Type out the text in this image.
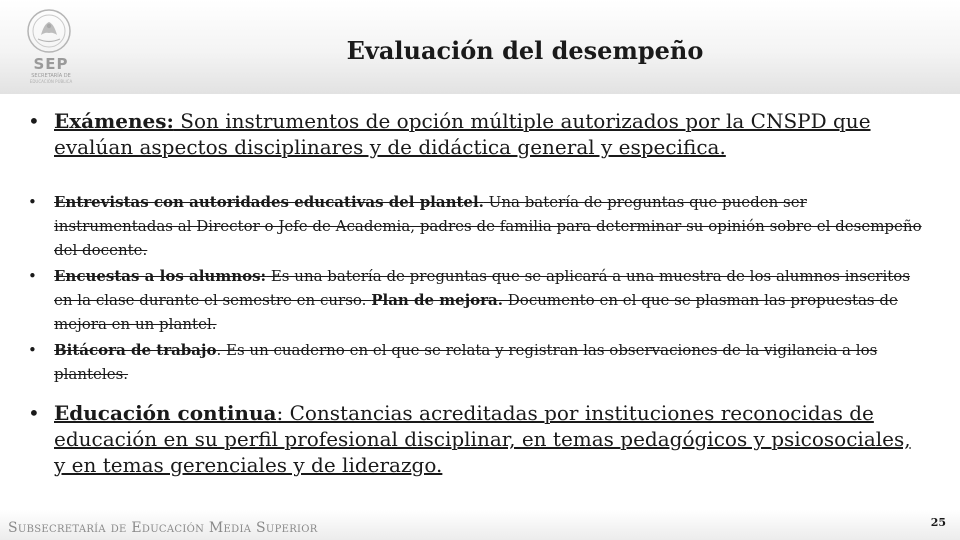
SEP
SECRETARÍA DE
EDUCACIÓN PÚBLICA
Evaluación del desempeño
• Exámenes: Son instrumentos de opción múltiple autorizados por la CNSPD que evalúan aspectos disciplinares y de didáctica general y especifica.
• Entrevistas con autoridades educativas del plantel. Una batería de preguntas que pueden ser instrumentadas al Director o Jefe de Academia, padres de familia para determinar su opinión sobre el desempeño del docente.
• Encuestas a los alumnos: Es una batería de preguntas que se aplicará a una muestra de los alumnos inscritos en la clase durante el semestre en curso. Plan de mejora. Documento en el que se plasman las propuestas de mejora en un plantel.
• Bitácora de trabajo. Es un cuaderno en el que se relata y registran las observaciones de la vigilancia a los planteles.
• Educación continua: Constancias acreditadas por instituciones reconocidas de educación en su perfil profesional disciplinar, en temas pedagógicos y psicosociales, y en temas gerenciales y de liderazgo.
Subsecretaría de Educación Media Superior	25
